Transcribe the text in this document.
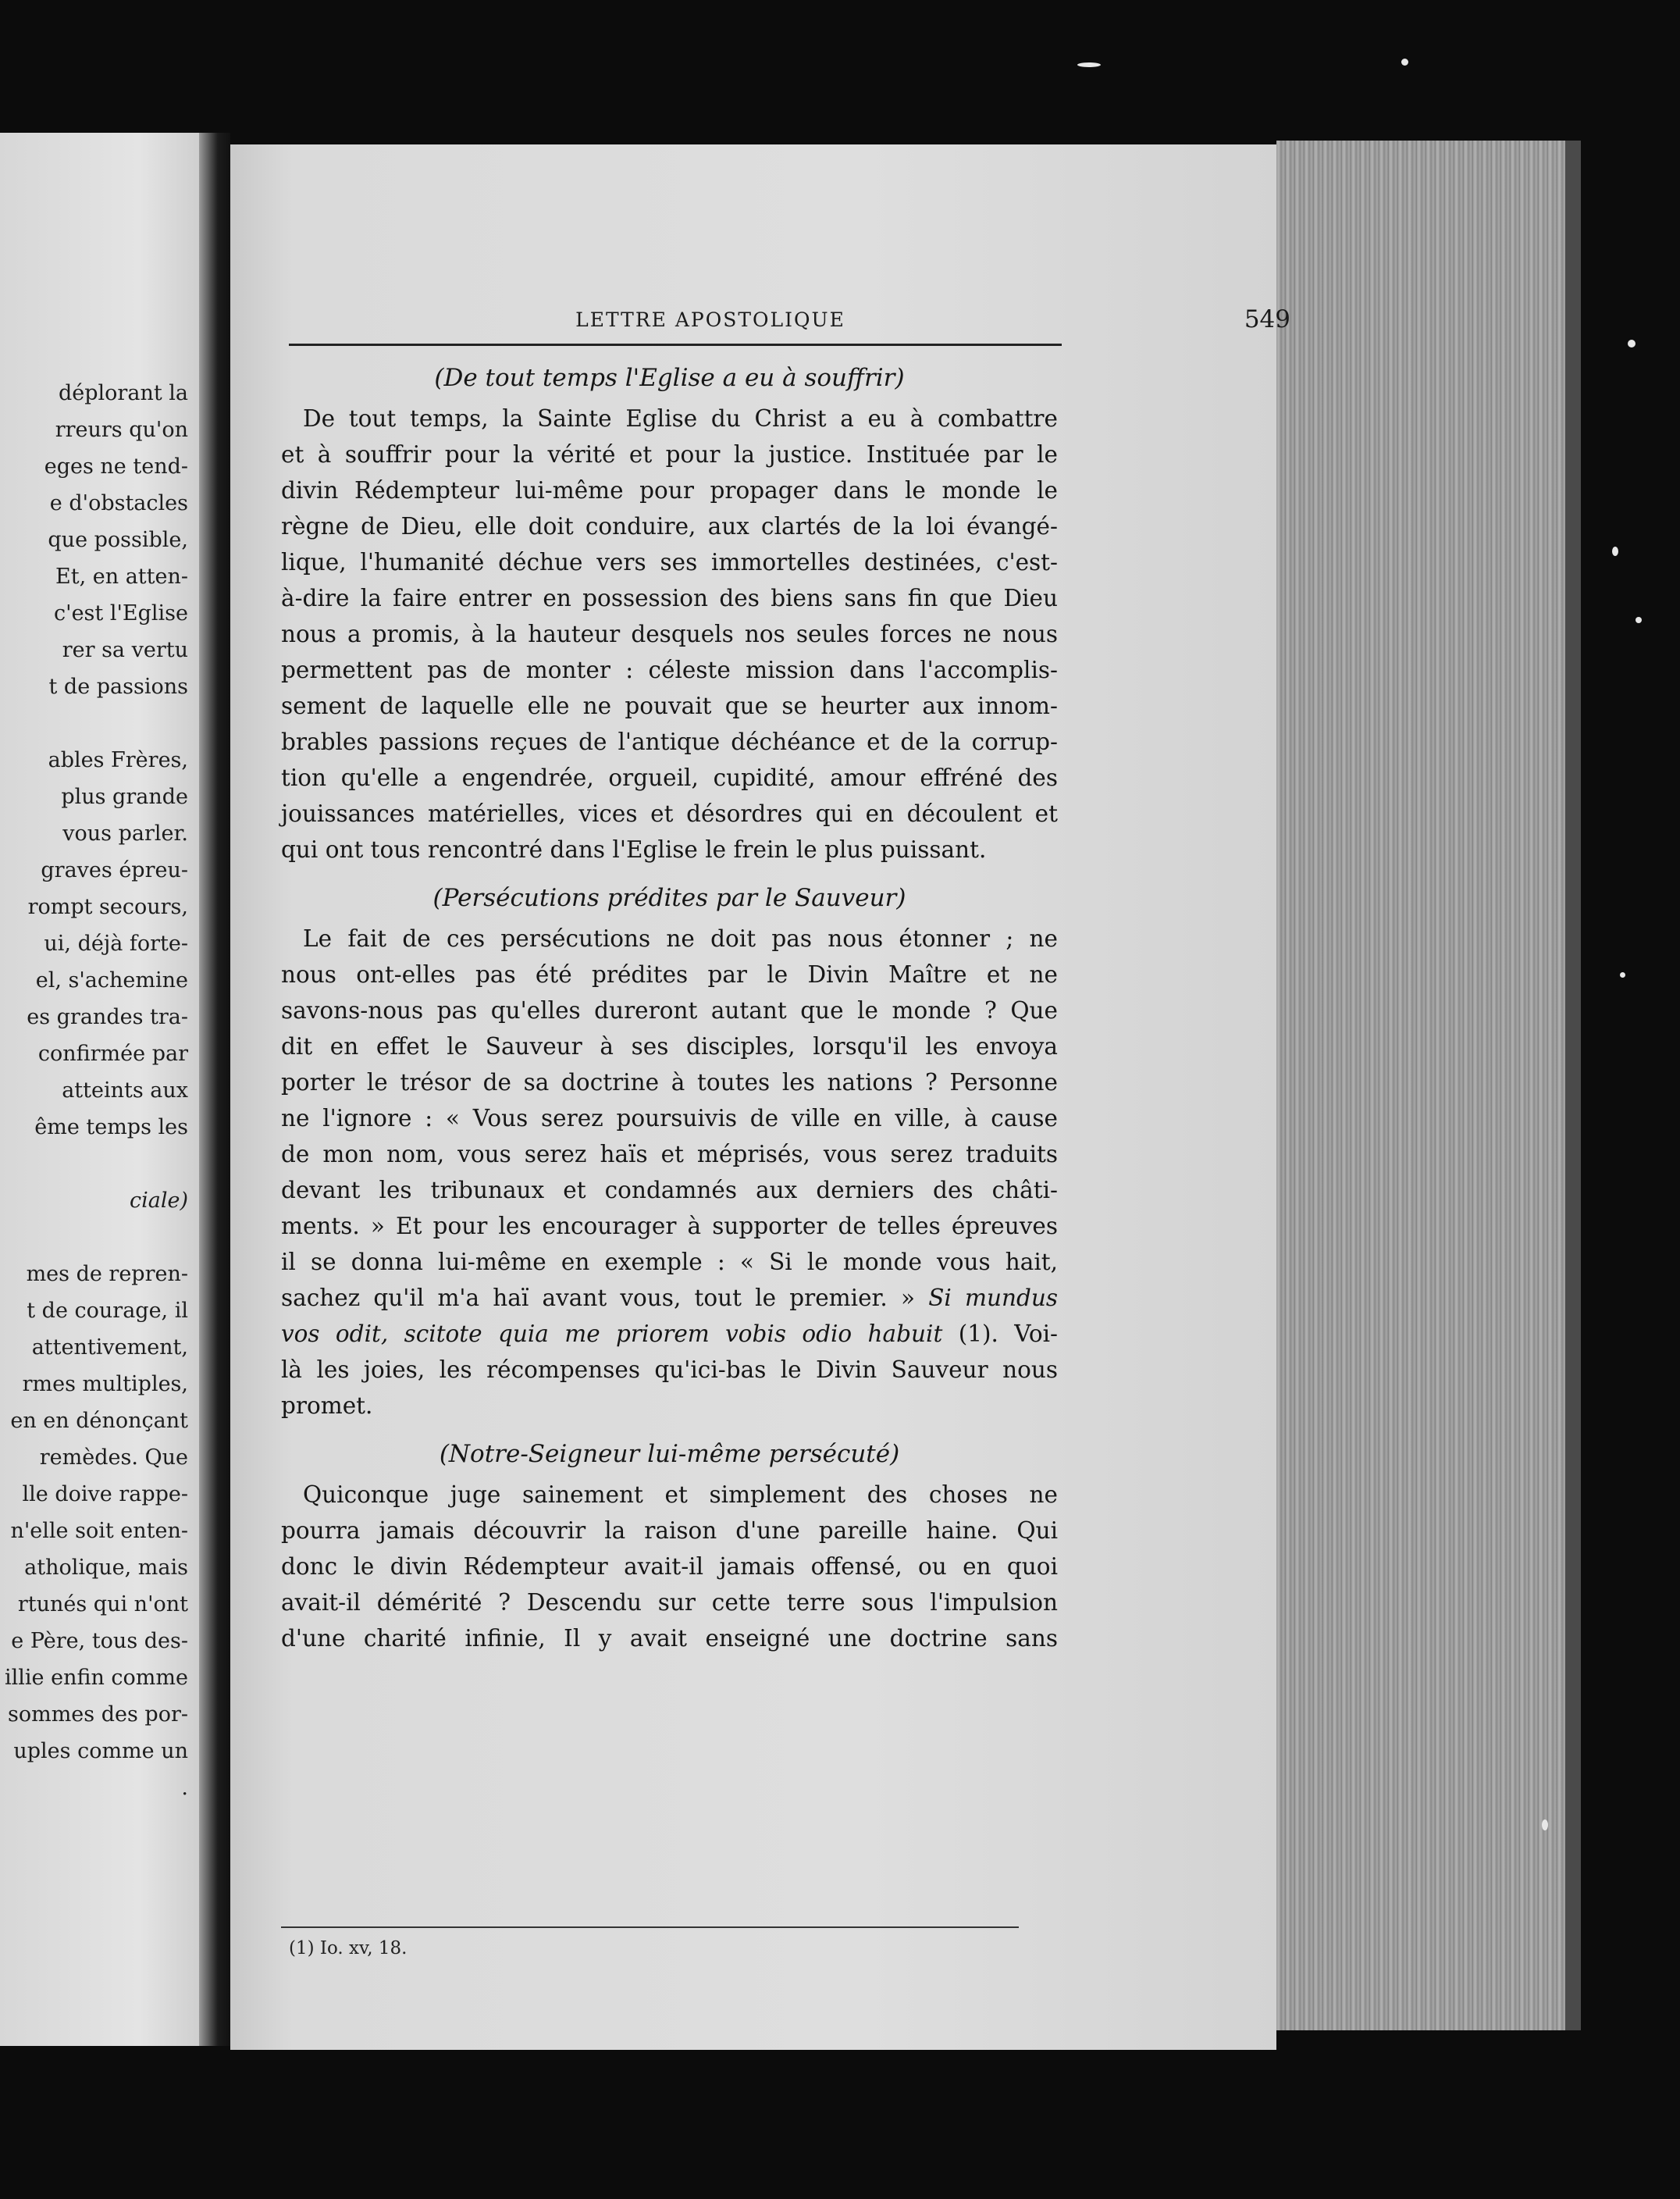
déplorant la
rreurs qu'on
eges ne tend-
e d'obstacles
que possible,
Et, en atten-
c'est l'Eglise
rer sa vertu
t de passions
ables Frères,
plus grande
vous parler.
graves épreu-
rompt secours,
ui, déjà forte-
el, s'achemine
es grandes tra-
confirmée par
atteints aux
ême temps les
ciale)
mes de repren-
t de courage, il
attentivement,
rmes multiples,
en en dénonçant
remèdes. Que
lle doive rappe-
n'elle soit enten-
atholique, mais
rtunés qui n'ont
e Père, tous des-
illie enfin comme
sommes des por-
uples comme un
.
LETTRE APOSTOLIQUE	549
(De tout temps l'Eglise a eu à souffrir)
De tout temps, la Sainte Eglise du Christ a eu à combattre
et à souffrir pour la vérité et pour la justice. Instituée par le
divin Rédempteur lui-même pour propager dans le monde le
règne de Dieu, elle doit conduire, aux clartés de la loi évangé-
lique, l'humanité déchue vers ses immortelles destinées, c'est-
à-dire la faire entrer en possession des biens sans fin que Dieu
nous a promis, à la hauteur desquels nos seules forces ne nous
permettent pas de monter : céleste mission dans l'accomplis-
sement de laquelle elle ne pouvait que se heurter aux innom-
brables passions reçues de l'antique déchéance et de la corrup-
tion qu'elle a engendrée, orgueil, cupidité, amour effréné des
jouissances matérielles, vices et désordres qui en découlent et
qui ont tous rencontré dans l'Eglise le frein le plus puissant.
(Persécutions prédites par le Sauveur)
Le fait de ces persécutions ne doit pas nous étonner ; ne
nous ont-elles pas été prédites par le Divin Maître et ne
savons-nous pas qu'elles dureront autant que le monde ? Que
dit en effet le Sauveur à ses disciples, lorsqu'il les envoya
porter le trésor de sa doctrine à toutes les nations ? Personne
ne l'ignore : « Vous serez poursuivis de ville en ville, à cause
de mon nom, vous serez haïs et méprisés, vous serez traduits
devant les tribunaux et condamnés aux derniers des châti-
ments. » Et pour les encourager à supporter de telles épreuves
il se donna lui-même en exemple : « Si le monde vous hait,
sachez qu'il m'a haï avant vous, tout le premier. » Si mundus
vos odit, scitote quia me priorem vobis odio habuit (1). Voi-
là les joies, les récompenses qu'ici-bas le Divin Sauveur nous
promet.
(Notre-Seigneur lui-même persécuté)
Quiconque juge sainement et simplement des choses ne
pourra jamais découvrir la raison d'une pareille haine. Qui
donc le divin Rédempteur avait-il jamais offensé, ou en quoi
avait-il démérité ? Descendu sur cette terre sous l'impulsion
d'une charité infinie, Il y avait enseigné une doctrine sans
(1) Io. xv, 18.
